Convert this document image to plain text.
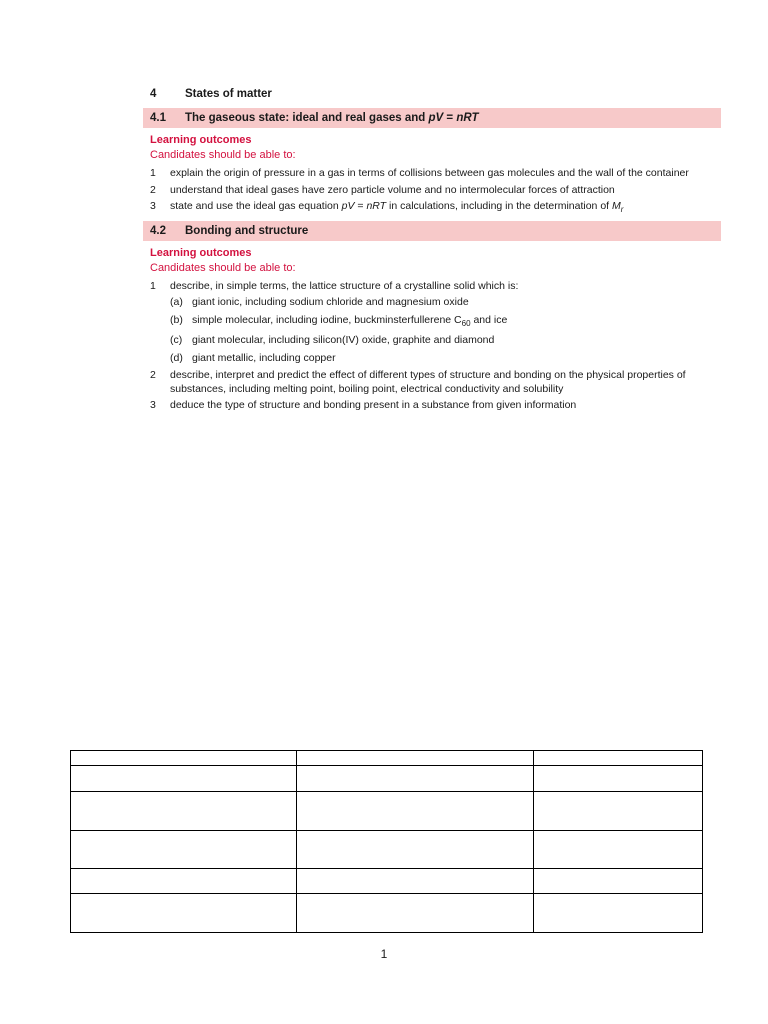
4	States of matter
4.1	The gaseous state: ideal and real gases and pV = nRT
Learning outcomes
Candidates should be able to:
1	explain the origin of pressure in a gas in terms of collisions between gas molecules and the wall of the container
2	understand that ideal gases have zero particle volume and no intermolecular forces of attraction
3	state and use the ideal gas equation pV = nRT in calculations, including in the determination of $M_r$
4.2	Bonding and structure
Learning outcomes
Candidates should be able to:
1	describe, in simple terms, the lattice structure of a crystalline solid which is:
(a) giant ionic, including sodium chloride and magnesium oxide
(b) simple molecular, including iodine, buckminsterfullerene $C_{60}$ and ice
(c) giant molecular, including silicon(IV) oxide, graphite and diamond
(d) giant metallic, including copper
2	describe, interpret and predict the effect of different types of structure and bonding on the physical properties of substances, including melting point, boiling point, electrical conductivity and solubility
3	deduce the type of structure and bonding present in a substance from given information

1
